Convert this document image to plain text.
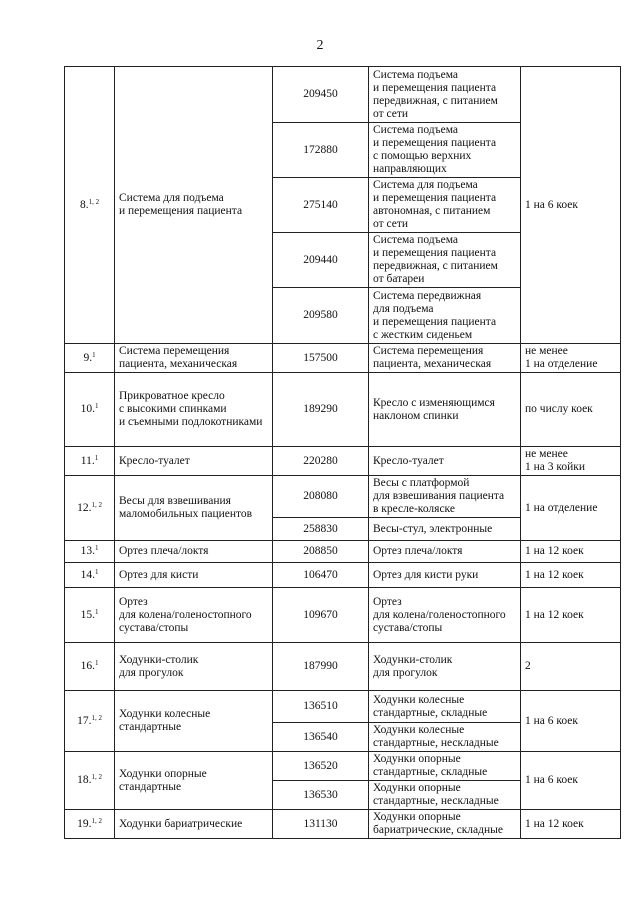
2
8.$^{1, 2}$	Система для подъема
и перемещения пациента	209450	Система подъема
и перемещения пациента
передвижная, с питанием
от сети	1 на 6 коек
		172880	Система подъема
и перемещения пациента
с помощью верхних
направляющих	
		275140	Система для подъема
и перемещения пациента
автономная, с питанием
от сети	
		209440	Система подъема
и перемещения пациента
передвижная, с питанием
от батареи	
		209580	Система передвижная
для подъема
и перемещения пациента
с жестким сиденьем	
9.$^1$	Система перемещения
пациента, механическая	157500	Система перемещения
пациента, механическая	не менее
1 на отделение
10.$^1$	Прикроватное кресло
с высокими спинками
и съемными подлокотниками	189290	Кресло с изменяющимся
наклоном спинки	по числу коек
11.$^1$	Кресло-туалет	220280	Кресло-туалет	не менее
1 на 3 койки
12.$^{1, 2}$	Весы для взвешивания
маломобильных пациентов	208080	Весы с платформой
для взвешивания пациента
в кресле-коляске	1 на отделение
		258830	Весы-стул, электронные	
13.$^1$	Ортез плеча/локтя	208850	Ортез плеча/локтя	1 на 12 коек
14.$^1$	Ортез для кисти	106470	Ортез для кисти руки	1 на 12 коек
15.$^1$	Ортез
для колена/голеностопного
сустава/стопы	109670	Ортез
для колена/голеностопного
сустава/стопы	1 на 12 коек
16.$^1$	Ходунки-столик
для прогулок	187990	Ходунки-столик
для прогулок	2
17.$^{1, 2}$	Ходунки колесные
стандартные	136510	Ходунки колесные
стандартные, складные	1 на 6 коек
		136540	Ходунки колесные
стандартные, нескладные	
18.$^{1, 2}$	Ходунки опорные
стандартные	136520	Ходунки опорные
стандартные, складные	1 на 6 коек
		136530	Ходунки опорные
стандартные, нескладные	
19.$^{1, 2}$	Ходунки бариатрические	131130	Ходунки опорные
бариатрические, складные	1 на 12 коек
